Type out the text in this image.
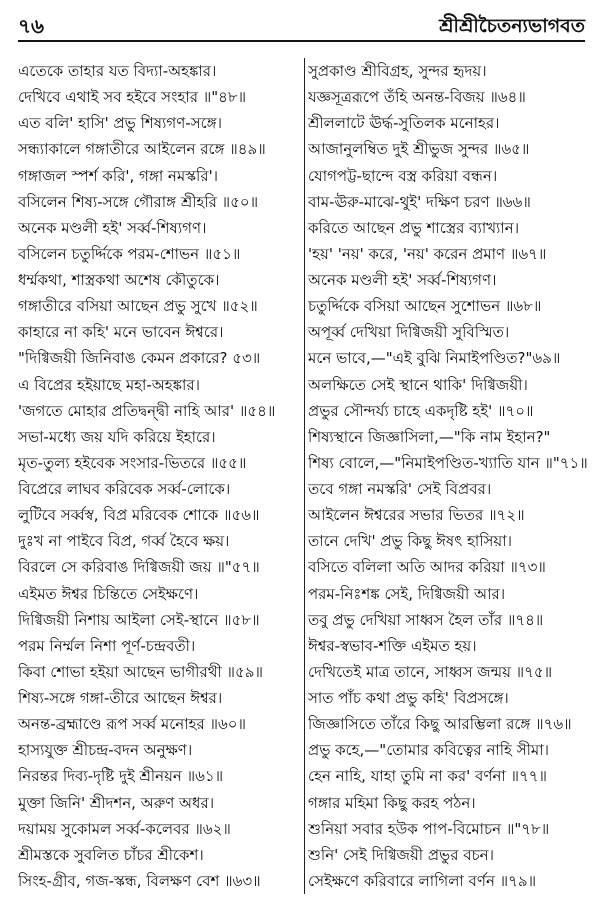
৭৬	শ্রীশ্রীচৈতন্যভাগবত
এতেকে তাহার যত বিদ্যা-অহঙ্কার।
দেখিবে এথাই সব হইবে সংহার ॥"৪৮॥
এত বলি' হাসি' প্রভু শিষ্যগণ-সঙ্গে।
সন্ধ্যাকালে গঙ্গাতীরে আইলেন রঙ্গে ॥৪৯॥
গঙ্গাজল স্পর্শ করি', গঙ্গা নমস্করি'।
বসিলেন শিষ্য-সঙ্গে গৌরাঙ্গ শ্রীহরি ॥৫০॥
অনেক মণ্ডলী হই' সর্ব্ব-শিষ্যগণ।
বসিলেন চতুর্দ্দিকে পরম-শোভন ॥৫১॥
ধর্ম্মকথা, শাস্ত্রকথা অশেষ কৌতুকে।
গঙ্গাতীরে বসিয়া আছেন প্রভু সুখে ॥৫২॥
কাহারে না কহি' মনে ভাবেন ঈশ্বরে।
"দিগ্বিজয়ী জিনিবাঙ কেমন প্রকারে? ৫৩॥
এ বিপ্রের হইয়াছে মহা-অহঙ্কার।
'জগতে মোহার প্রতিদ্বন্দ্বী নাহি আর' ॥৫৪॥
সভা-মধ্যে জয় যদি করিয়ে ইহারে।
মৃত-তুল্য হইবেক সংসার-ভিতরে ॥৫৫॥
বিপ্রেরে লাঘব করিবেক সর্ব্ব-লোকে।
লুটিবে সর্ব্বস্ব, বিপ্র মরিবেক শোকে ॥৫৬॥
দুঃখ না পাইবে বিপ্র, গর্ব্ব হৈবে ক্ষয়।
বিরলে সে করিবাঙ দিগ্বিজয়ী জয় ॥"৫৭॥
এইমত ঈশ্বর চিন্তিতে সেইক্ষণে।
দিগ্বিজয়ী নিশায় আইলা সেই-স্থানে ॥৫৮॥
পরম নির্ম্মল নিশা পূর্ণ-চন্দ্রবতী।
কিবা শোভা হইয়া আছেন ভাগীরথী ॥৫৯॥
শিষ্য-সঙ্গে গঙ্গা-তীরে আছেন ঈশ্বর।
অনন্ত-ব্রহ্মাণ্ডে রূপ সর্ব্ব মনোহর ॥৬০॥
হাস্যযুক্ত শ্রীচন্দ্র-বদন অনুক্ষণ।
নিরন্তর দিব্য-দৃষ্টি দুই শ্রীনয়ন ॥৬১॥
মুক্তা জিনি' শ্রীদশন, অরুণ অধর।
দয়াময় সুকোমল সর্ব্ব-কলেবর ॥৬২॥
শ্রীমস্তকে সুবলিত চাঁচর শ্রীকেশ।
সিংহ-গ্রীব, গজ-স্কন্ধ, বিলক্ষণ বেশ ॥৬৩॥
সুপ্রকাণ্ড শ্রীবিগ্রহ, সুন্দর হৃদয়।
যজ্ঞসূত্ররূপে তঁহি অনন্ত-বিজয় ॥৬৪॥
শ্রীললাটে ঊর্দ্ধ-সুতিলক মনোহর।
আজানুলম্বিত দুই শ্রীভুজ সুন্দর ॥৬৫॥
যোগপট্ট-ছান্দে বস্ত্র করিয়া বন্ধন।
বাম-ঊরু-মাঝে-থুই' দক্ষিণ চরণ ॥৬৬॥
করিতে আছেন প্রভু শাস্ত্রের ব্যাখ্যান।
'হয়' 'নয়' করে, 'নয়' করেন প্রমাণ ॥৬৭॥
অনেক মণ্ডলী হই' সর্ব্ব-শিষ্যগণ।
চতুর্দ্দিকে বসিয়া আছেন সুশোভন ॥৬৮॥
অপূর্ব্ব দেখিয়া দিগ্বিজয়ী সুবিস্মিত।
মনে ভাবে,—"এই বুঝি নিমাইপণ্ডিত?"৬৯॥
অলক্ষিতে সেই স্থানে থাকি' দিগ্বিজয়ী।
প্রভুর সৌন্দর্য্য চাহে একদৃষ্টি হই' ॥৭০॥
শিষ্যস্থানে জিজ্ঞাসিলা,—"কি নাম ইহান?"
শিষ্য বোলে,—"নিমাইপণ্ডিত-খ্যাতি যান ॥"৭১॥
তবে গঙ্গা নমস্করি' সেই বিপ্রবর।
আইলেন ঈশ্বরের সভার ভিতর ॥৭২॥
তানে দেখি' প্রভু কিছু ঈষৎ হাসিয়া।
বসিতে বলিলা অতি আদর করিয়া ॥৭৩॥
পরম-নিঃশঙ্ক সেই, দিগ্বিজয়ী আর।
তবু প্রভু দেখিয়া সাধ্বস হৈল তাঁর ॥৭৪॥
ঈশ্বর-স্বভাব-শক্তি এইমত হয়।
দেখিতেই মাত্র তানে, সাধ্বস জন্ময় ॥৭৫॥
সাত পাঁচ কথা প্রভু কহি' বিপ্রসঙ্গে।
জিজ্ঞাসিতে তাঁরে কিছু আরম্ভিলা রঙ্গে ॥৭৬॥
প্রভু কহে,—"তোমার কবিত্বের নাহি সীমা।
হেন নাহি, যাহা তুমি না কর' বর্ণনা ॥৭৭॥
গঙ্গার মহিমা কিছু করহ পঠন।
শুনিয়া সবার হউক পাপ-বিমোচন ॥"৭৮॥
শুনি' সেই দিগ্বিজয়ী প্রভুর বচন।
সেইক্ষণে করিবারে লাগিলা বর্ণন ॥৭৯॥
